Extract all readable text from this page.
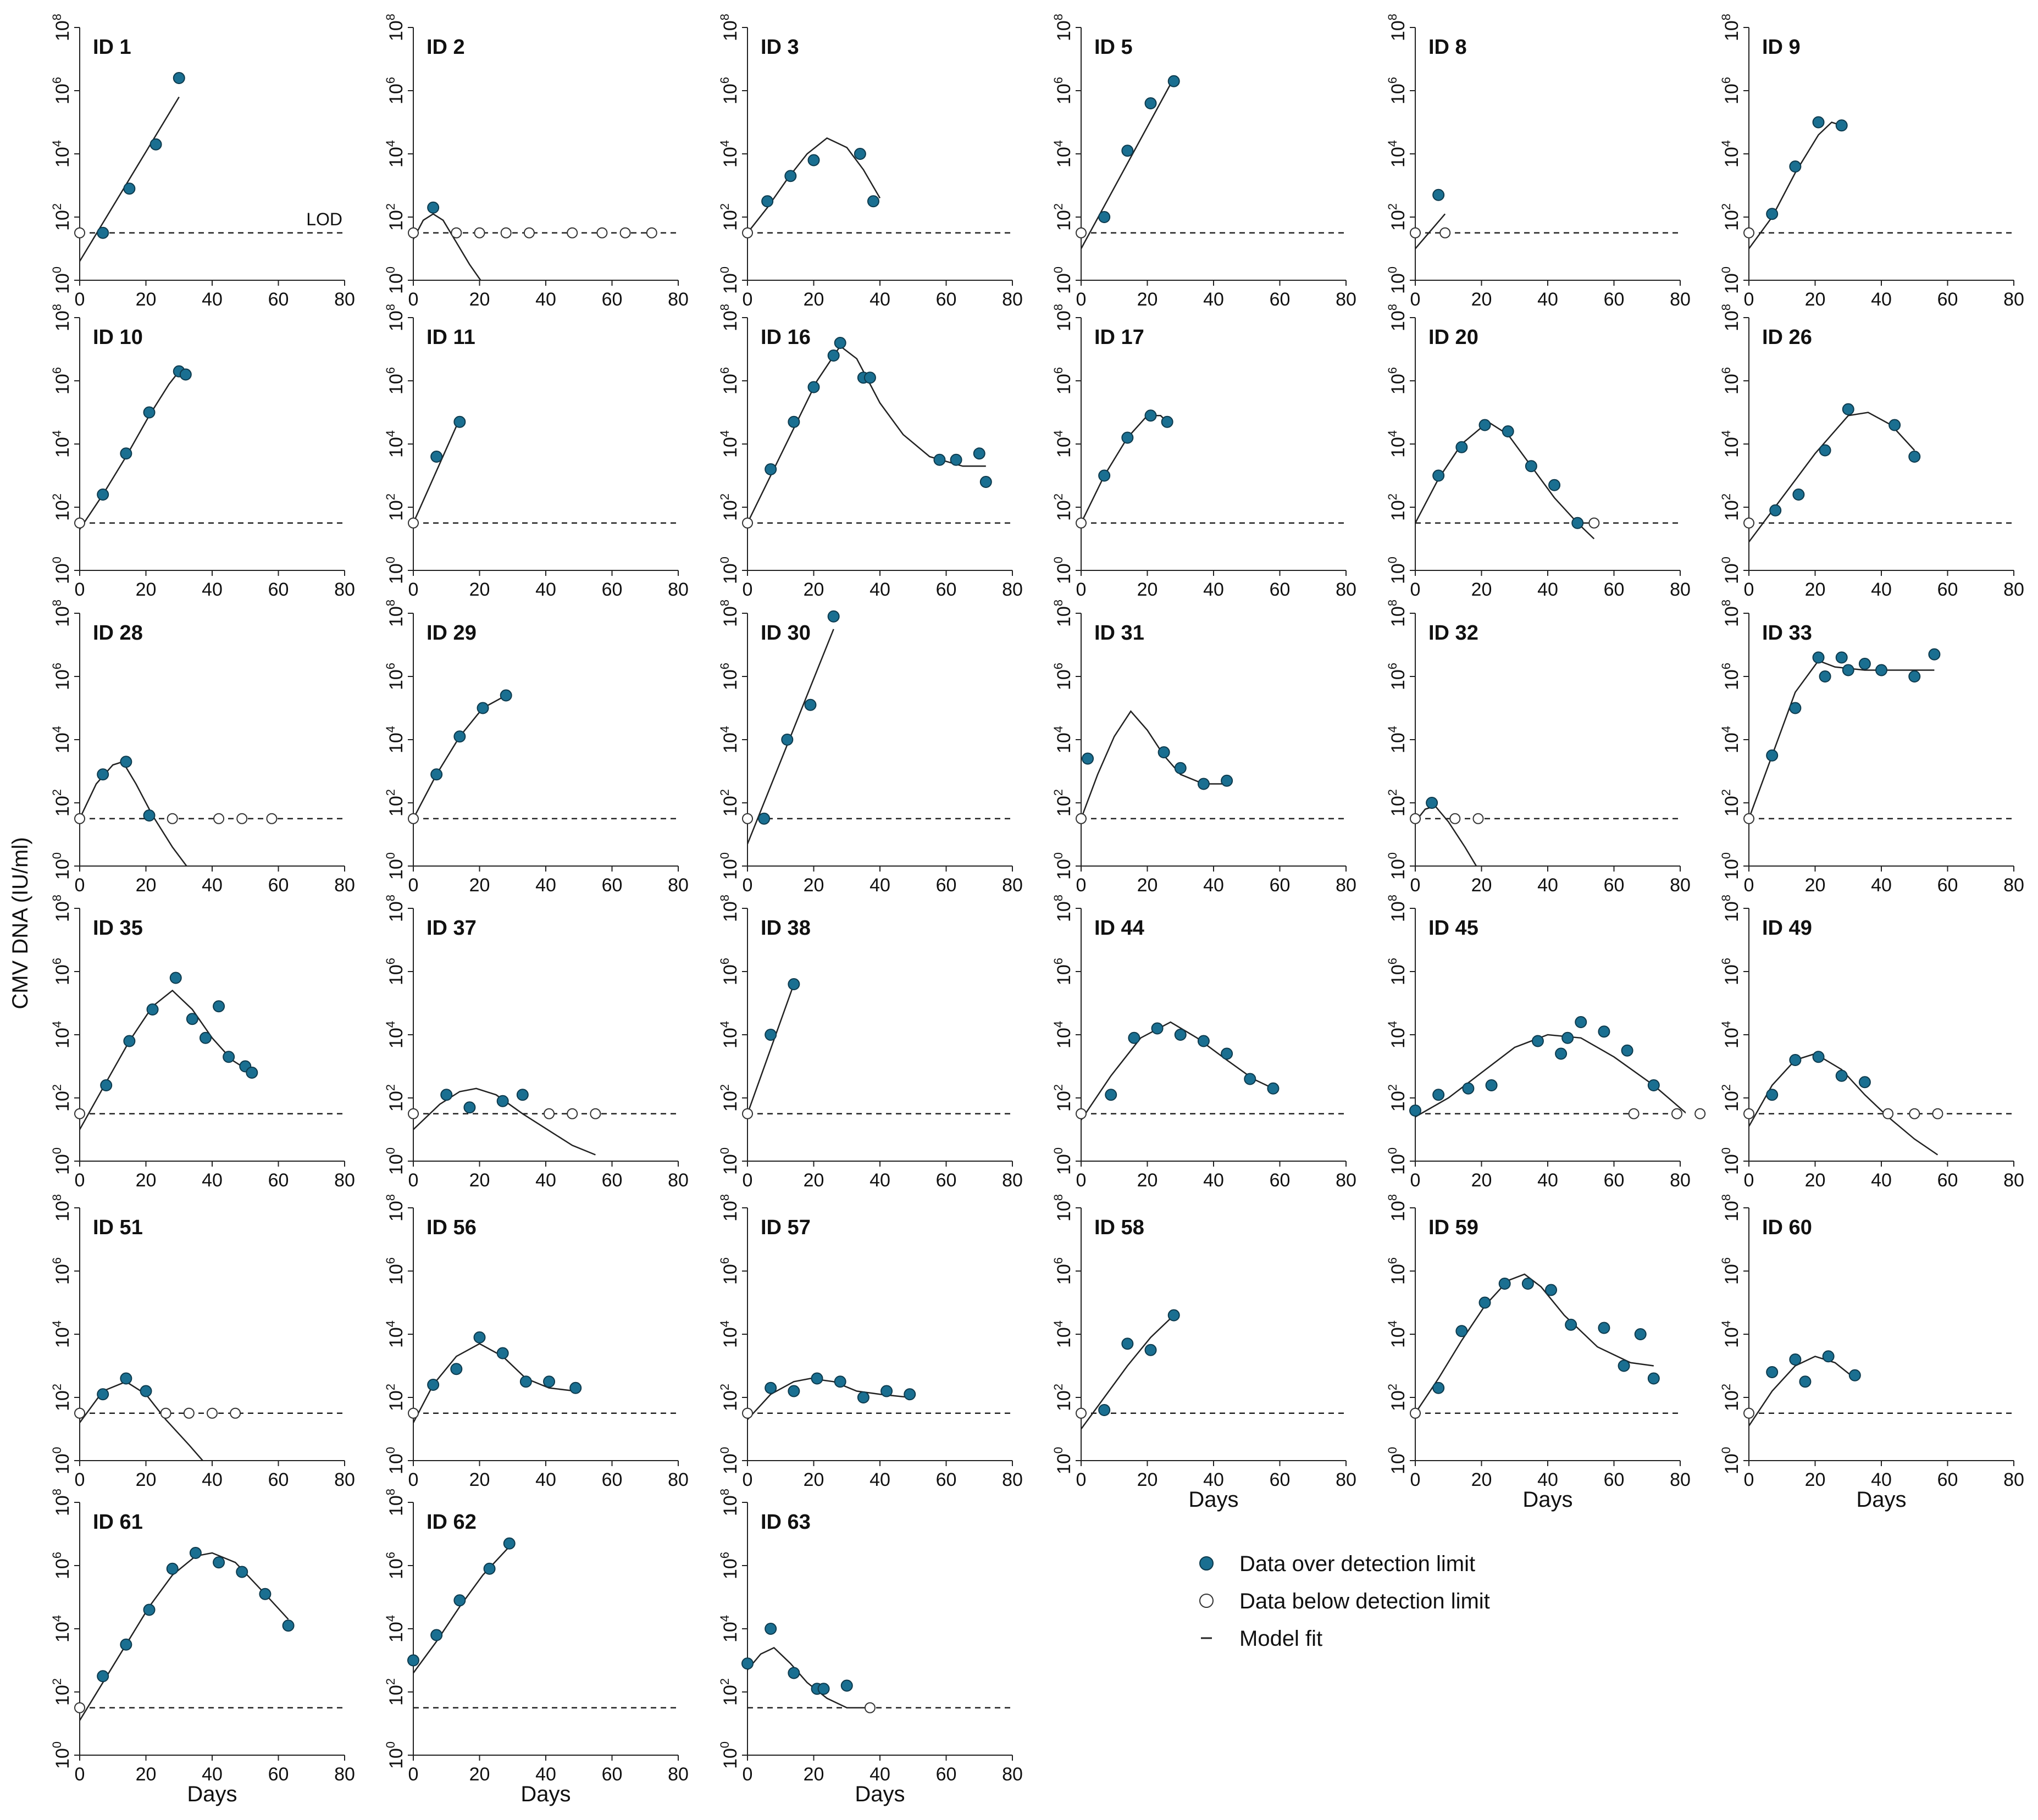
CMV DNA (IU/ml)
0	20 40 60 80
$10^0$
$10^2$
$10^4$
$10^6$
$10^8$
LOD
ID 1
0	20 40 60 80
$10^0$
$10^2$
$10^4$
$10^6$
$10^8$
ID 2
0	20 40 60 80
$10^0$
$10^2$
$10^4$
$10^6$
$10^8$
ID 3
0	20 40 60 80
$10^0$
$10^2$
$10^4$
$10^6$
$10^8$
ID 5
0	20 40 60 80
$10^0$
$10^2$
$10^4$
$10^6$
$10^8$
ID 8
0	20 40 60 80
$10^0$
$10^2$
$10^4$
$10^6$
$10^8$
ID 9
0	20 40 60 80
$10^0$
$10^2$
$10^4$
$10^6$
$10^8$
ID 10
0	20 40 60 80
$10^0$
$10^2$
$10^4$
$10^6$
$10^8$
ID 11
0	20 40 60 80
$10^0$
$10^2$
$10^4$
$10^6$
$10^8$
ID 16
0	20 40 60 80
$10^0$
$10^2$
$10^4$
$10^6$
$10^8$
ID 17
0	20 40 60 80
$10^0$
$10^2$
$10^4$
$10^6$
$10^8$
ID 20
0	20 40 60 80
$10^0$
$10^2$
$10^4$
$10^6$
$10^8$
ID 26
0	20 40 60 80
$10^0$
$10^2$
$10^4$
$10^6$
$10^8$
ID 28
0	20 40 60 80
$10^0$
$10^2$
$10^4$
$10^6$
$10^8$
ID 29
0	20 40 60 80
$10^0$
$10^2$
$10^4$
$10^6$
$10^8$
ID 30
0	20 40 60 80
$10^0$
$10^2$
$10^4$
$10^6$
$10^8$
ID 31
0	20 40 60 80
$10^0$
$10^2$
$10^4$
$10^6$
$10^8$
ID 32
0	20 40 60 80
$10^0$
$10^2$
$10^4$
$10^6$
$10^8$
ID 33
0	20 40 60 80
$10^0$
$10^2$
$10^4$
$10^6$
$10^8$
ID 35
0	20 40 60 80
$10^0$
$10^2$
$10^4$
$10^6$
$10^8$
ID 37
0	20 40 60 80
$10^0$
$10^2$
$10^4$
$10^6$
$10^8$
ID 38
0	20 40 60 80
$10^0$
$10^2$
$10^4$
$10^6$
$10^8$
ID 44
0	20 40 60 80
$10^0$
$10^2$
$10^4$
$10^6$
$10^8$
ID 45
0	20 40 60 80
$10^0$
$10^2$
$10^4$
$10^6$
$10^8$
ID 49
0	20 40 60 80
$10^0$
$10^2$
$10^4$
$10^6$
$10^8$
ID 51
0	20 40 60 80
$10^0$
$10^2$
$10^4$
$10^6$
$10^8$
ID 56
0	20 40 60 80
$10^0$
$10^2$
$10^4$
$10^6$
$10^8$
ID 57
0	20 40 60 80
$10^0$
$10^2$
$10^4$
$10^6$
$10^8$
ID 58
Days
0	20 40 60 80
$10^0$
$10^2$
$10^4$
$10^6$
$10^8$
ID 59
Days
0	20 40 60 80
$10^0$
$10^2$
$10^4$
$10^6$
$10^8$
ID 60
Days
0	20 40 60 80
$10^0$
$10^2$
$10^4$
$10^6$
$10^8$
ID 61
Days
0	20 40 60 80
$10^0$
$10^2$
$10^4$
$10^6$
$10^8$
ID 62
Days
0	20 40 60 80
$10^0$
$10^2$
$10^4$
$10^6$
$10^8$
ID 63
Days
Data over detection limit
Data below detection limit
Model fit
